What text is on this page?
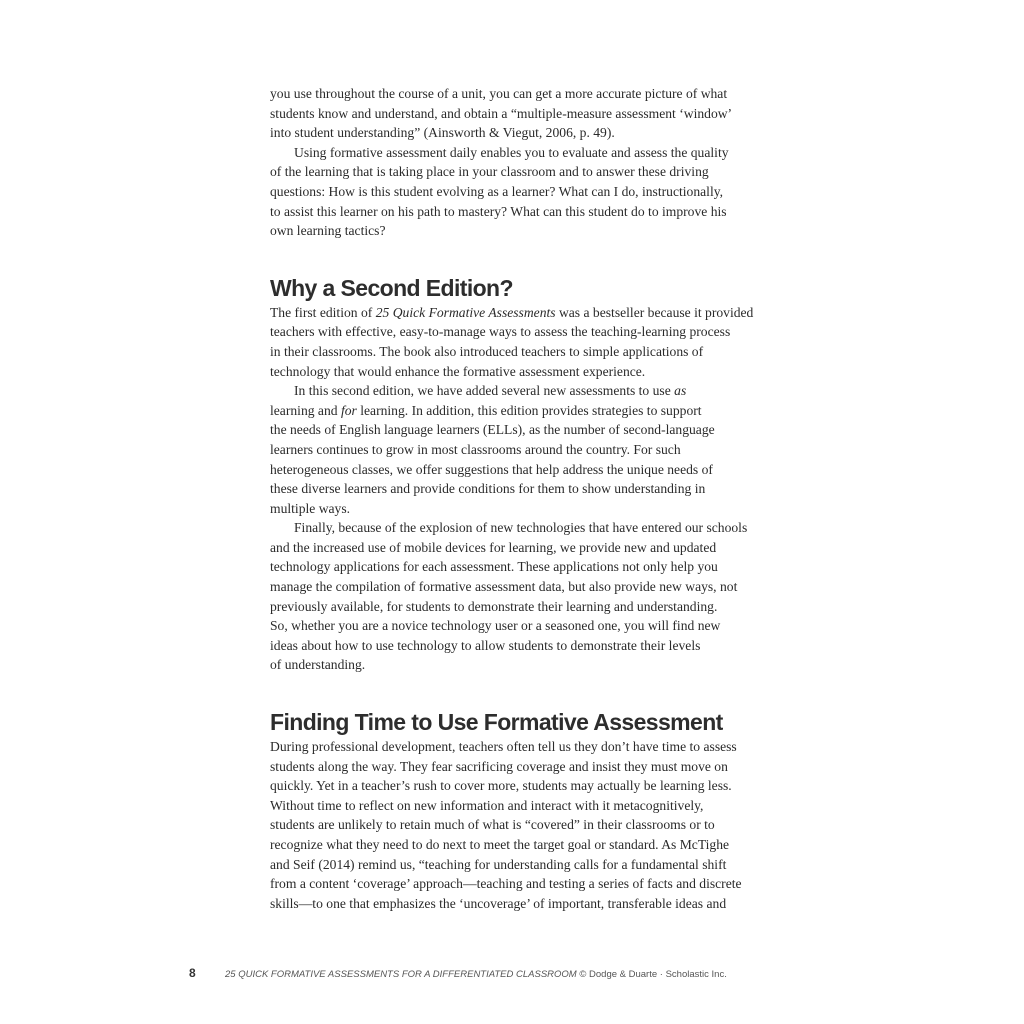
you use throughout the course of a unit, you can get a more accurate picture of what
students know and understand, and obtain a “multiple-measure assessment ‘window’
into student understanding” (Ainsworth & Viegut, 2006, p. 49).

Using formative assessment daily enables you to evaluate and assess the quality
of the learning that is taking place in your classroom and to answer these driving
questions: How is this student evolving as a learner? What can I do, instructionally,
to assist this learner on his path to mastery? What can this student do to improve his
own learning tactics?

Why a Second Edition?

The first edition of 25 Quick Formative Assessments was a bestseller because it provided
teachers with effective, easy-to-manage ways to assess the teaching-learning process
in their classrooms. The book also introduced teachers to simple applications of
technology that would enhance the formative assessment experience.

In this second edition, we have added several new assessments to use as
learning and for learning. In addition, this edition provides strategies to support
the needs of English language learners (ELLs), as the number of second-language
learners continues to grow in most classrooms around the country. For such
heterogeneous classes, we offer suggestions that help address the unique needs of
these diverse learners and provide conditions for them to show understanding in
multiple ways.

Finally, because of the explosion of new technologies that have entered our schools
and the increased use of mobile devices for learning, we provide new and updated
technology applications for each assessment. These applications not only help you
manage the compilation of formative assessment data, but also provide new ways, not
previously available, for students to demonstrate their learning and understanding.
So, whether you are a novice technology user or a seasoned one, you will find new
ideas about how to use technology to allow students to demonstrate their levels
of understanding.

Finding Time to Use Formative Assessment

During professional development, teachers often tell us they don’t have time to assess
students along the way. They fear sacrificing coverage and insist they must move on
quickly. Yet in a teacher’s rush to cover more, students may actually be learning less.
Without time to reflect on new information and interact with it metacognitively,
students are unlikely to retain much of what is “covered” in their classrooms or to
recognize what they need to do next to meet the target goal or standard. As McTighe
and Seif (2014) remind us, “teaching for understanding calls for a fundamental shift
from a content ‘coverage’ approach—teaching and testing a series of facts and discrete
skills—to one that emphasizes the ‘uncoverage’ of important, transferable ideas and

8	25 QUICK FORMATIVE ASSESSMENTS FOR A DIFFERENTIATED CLASSROOM © Dodge & Duarte · Scholastic Inc.
